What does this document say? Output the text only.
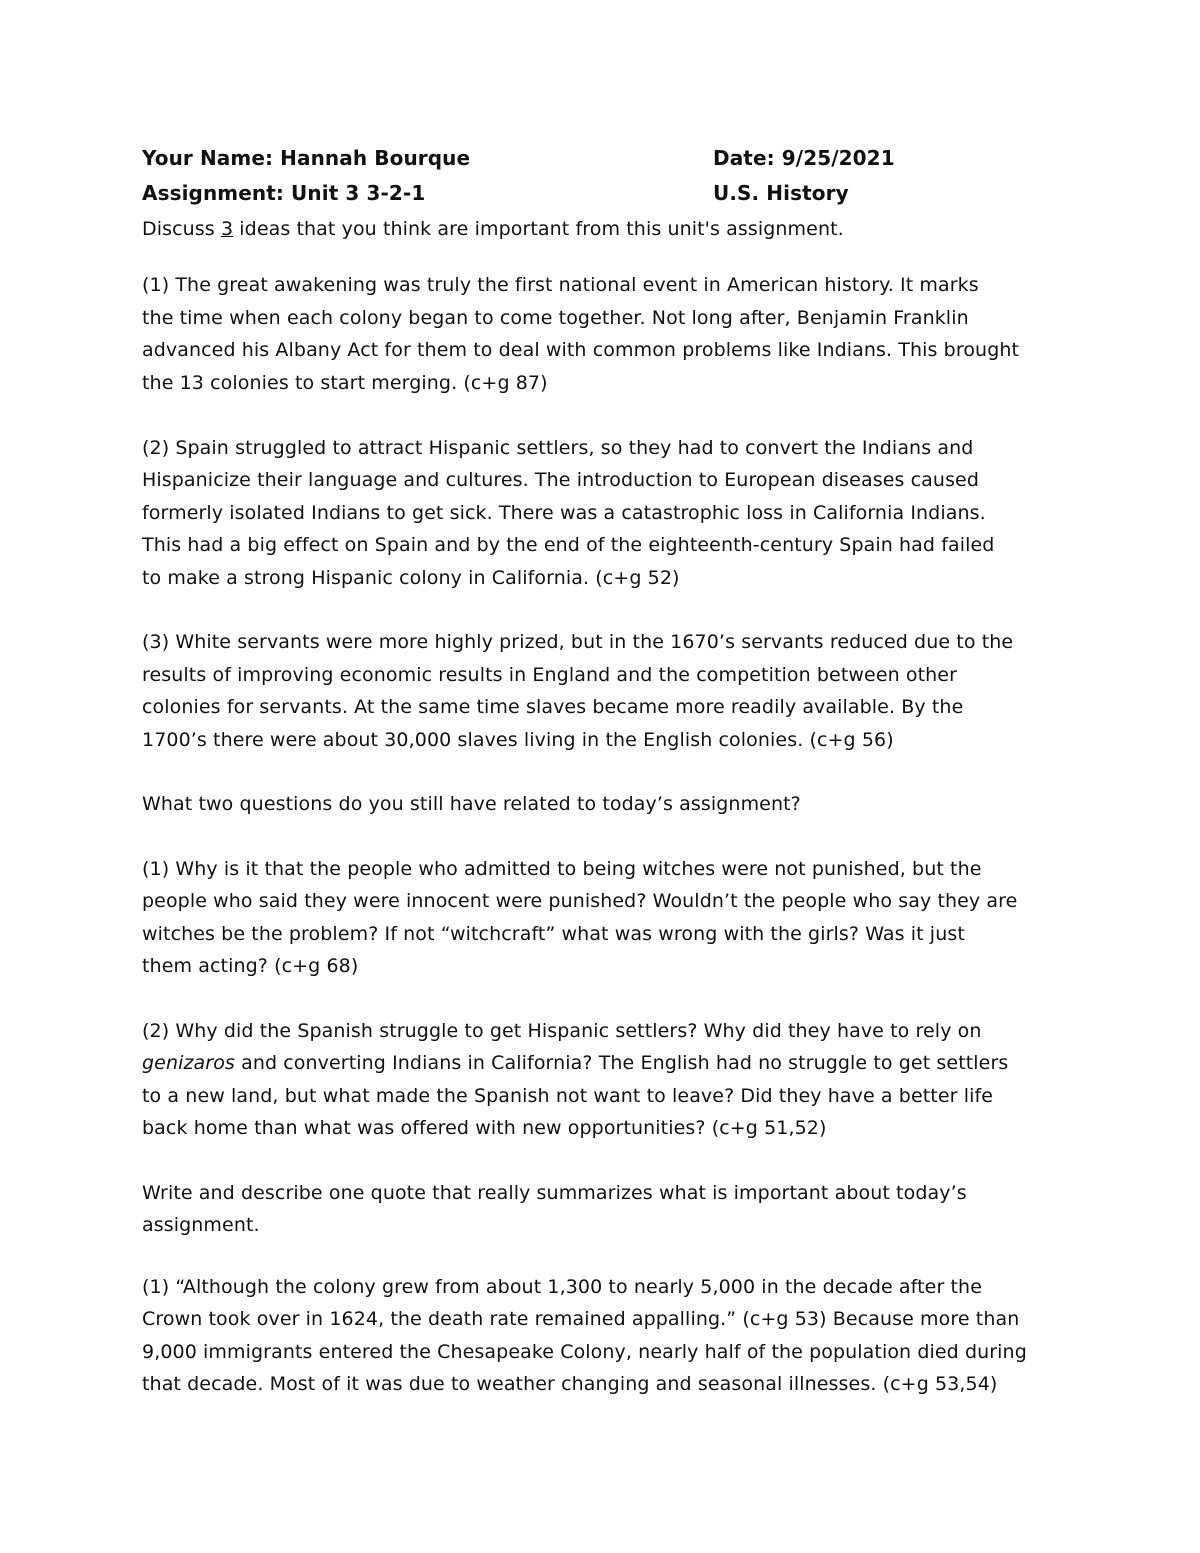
Your Name: Hannah Bourque	Date: 9/25/2021
Assignment: Unit 3 3-2-1	U.S. History
Discuss 3 ideas that you think are important from this unit's assignment.
(1) The great awakening was truly the first national event in American history. It marks
the time when each colony began to come together. Not long after, Benjamin Franklin
advanced his Albany Act for them to deal with common problems like Indians. This brought
the 13 colonies to start merging. (c+g 87)
(2) Spain struggled to attract Hispanic settlers, so they had to convert the Indians and
Hispanicize their language and cultures. The introduction to European diseases caused
formerly isolated Indians to get sick. There was a catastrophic loss in California Indians.
This had a big effect on Spain and by the end of the eighteenth-century Spain had failed
to make a strong Hispanic colony in California. (c+g 52)
(3) White servants were more highly prized, but in the 1670’s servants reduced due to the
results of improving economic results in England and the competition between other
colonies for servants. At the same time slaves became more readily available. By the
1700’s there were about 30,000 slaves living in the English colonies. (c+g 56)
What two questions do you still have related to today’s assignment?
(1) Why is it that the people who admitted to being witches were not punished, but the
people who said they were innocent were punished? Wouldn’t the people who say they are
witches be the problem? If not “witchcraft” what was wrong with the girls? Was it just
them acting? (c+g 68)
(2) Why did the Spanish struggle to get Hispanic settlers? Why did they have to rely on
genizaros and converting Indians in California? The English had no struggle to get settlers
to a new land, but what made the Spanish not want to leave? Did they have a better life
back home than what was offered with new opportunities? (c+g 51,52)
Write and describe one quote that really summarizes what is important about today’s
assignment.
(1) “Although the colony grew from about 1,300 to nearly 5,000 in the decade after the
Crown took over in 1624, the death rate remained appalling.” (c+g 53) Because more than
9,000 immigrants entered the Chesapeake Colony, nearly half of the population died during
that decade. Most of it was due to weather changing and seasonal illnesses. (c+g 53,54)
